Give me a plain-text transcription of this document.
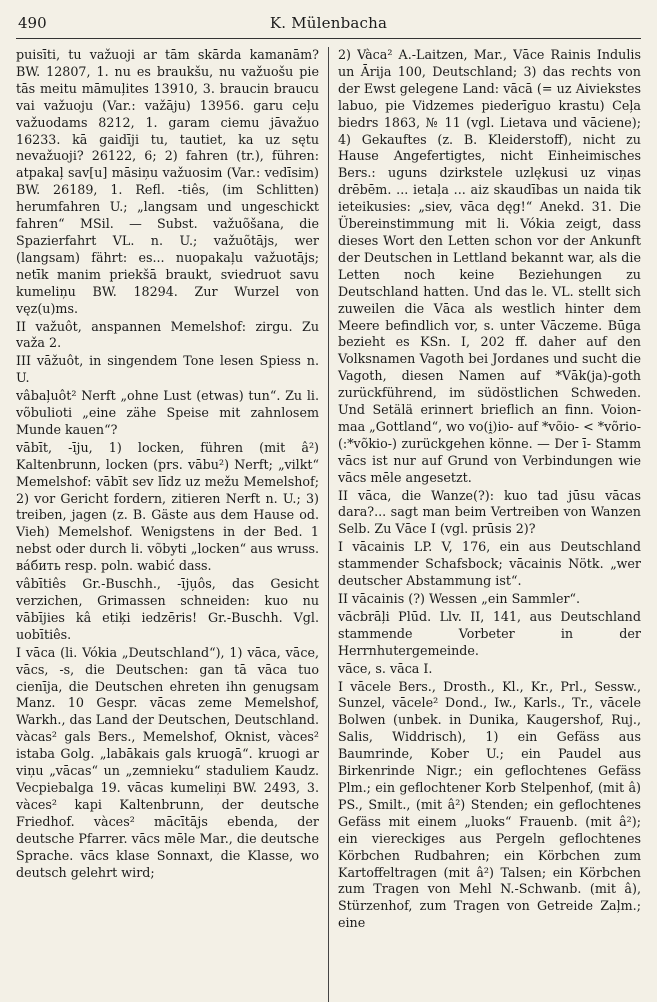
490	K. Mülenbacha

puisīti, tu važuoji ar tām skārda kamanām? BW. 12807, 1. nu es braukšu, nu važuošu pie tās meitu māmuļites 13910, 3. braucin braucu vai važuoju (Var.: važāju) 13956. garu ceļu važuodams 8212, 1. garam ciemu jāvažuo 16233. kā gaidīji tu, tautiet, ka uz sętu nevažuoji? 26122, 6; 2) fahren (tr.), führen: atpakaļ sav[u] māsiņu važuosim (Var.: vedīsim) BW. 26189, 1. Refl. -tiês, (im Schlitten) herumfahren U.; „langsam und ungeschickt fahren“ MSil. — Subst. važuõšana, die Spazierfahrt VL. n. U.; važuõtājs, wer (langsam) fährt: es... nuopakaļu važuotājs; netīk manim priekšā braukt, sviedruot savu kumeliņu BW. 18294. Zur Wurzel von vęz(u)ms.

II važuôt, anspannen Memelshof: zirgu. Zu važa 2.

III vāžuôt, in singendem Tone lesen Spiess n. U.

vâbaļuôt² Nerft „ohne Lust (etwas) tun“. Zu li. võbulioti „eine zähe Speise mit zahnlosem Munde kauen“?

vābīt, -īju, 1) locken, führen (mit â²) Kaltenbrunn, locken (prs. vābu²) Nerft; „vilkt“ Memelshof: vābīt sev līdz uz mežu Memelshof; 2) vor Gericht fordern, zitieren Nerft n. U.; 3) treiben, jagen (z. B. Gäste aus dem Hause od. Vieh) Memelshof. Wenigstens in der Bed. 1 nebst oder durch li. võbyti „locken“ aus wruss. вáбить resp. poln. wabić dass.

vâbītiês Gr.-Buschh., -īju̦ôs, das Gesicht verzichen, Grimassen schneiden: kuo nu vābījies kâ etiķi iedzēris! Gr.-Buschh. Vgl. uobītiês.

I vāca (li. Vókia „Deutschland“), 1) vāca, vāce, vācs, -s, die Deutschen: gan tā vāca tuo cienīja, die Deutschen ehreten ihn genugsam Manz. 10 Gespr. vācas zeme Memelshof, Warkh., das Land der Deutschen, Deutschland. vàcas² gals Bers., Memelshof, Oknist, vàces² istaba Golg. „labākais gals kruogā“. kruogi ar viņu „vācas“ un „zemnieku“ staduliem Kaudz. Vecpiebalga 19. vācas kumeliņi BW. 2493, 3. vàces² kapi Kaltenbrunn, der deutsche Friedhof. vàces² mācītājs ebenda, der deutsche Pfarrer. vācs mēle Mar., die deutsche Sprache. vācs klase Sonnaxt, die Klasse, wo deutsch gelehrt wird;

2) Vàca² A.-Laitzen, Mar., Vāce Rainis Indulis un Ārija 100, Deutschland; 3) das rechts von der Ewst gelegene Land: vācā (= uz Aiviekstes labuo, pie Vidzemes piederīguo krastu) Ceļa biedrs 1863, № 11 (vgl. Lietava und vāciene); 4) Gekauftes (z. B. Kleiderstoff), nicht zu Hause Angefertigtes, nicht Einheimisches Bers.: uguns dzirkstele uzlękusi uz viņas drēbēm. ... ietaļa ... aiz skaudības un naida tik ieteikusies: „siev, vāca dęg!“ Anekd. 31. Die Übereinstimmung mit li. Vókia zeigt, dass dieses Wort den Letten schon vor der Ankunft der Deutschen in Lettland bekannt war, als die Letten noch keine Beziehungen zu Deutschland hatten. Und das le. VL. stellt sich zuweilen die Vāca als westlich hinter dem Meere befindlich vor, s. unter Vāczeme. Būga bezieht es KSn. I, 202 ff. daher auf den Volksnamen Vagoth bei Jordanes und sucht die Vagoth, diesen Namen auf *Vāk(ja)-goth zurückführend, im südöstlichen Schweden. Und Setälä erinnert brieflich an finn. Voion-maa „Gottland“, wo vo(i̯)io- auf *võio- < *võrio- (:*võkio-) zurückgehen könne. — Der ī- Stamm vācs ist nur auf Grund von Verbindungen wie vācs mēle angesetzt.

II vāca, die Wanze(?): kuo tad jūsu vācas dara?... sagt man beim Vertreiben von Wanzen Selb. Zu Vāce I (vgl. prūsis 2)?

I vācainis LP. V, 176, ein aus Deutschland stammender Schafsbock; vācainis Nötk. „wer deutscher Abstammung ist“.

II vācainis (?) Wessen „ein Sammler“.

vācbrāļi Plūd. Llv. II, 141, aus Deutschland stammende Vorbeter in der Herrnhutergemeinde.

vāce, s. vāca I.

I vācele Bers., Drosth., Kl., Kr., Prl., Sessw., Sunzel, vācele² Dond., Iw., Karls., Tr., vācele Bolwen (unbek. in Dunika, Kaugershof, Ruj., Salis, Widdrisch), 1) ein Gefäss aus Baumrinde, Kober U.; ein Paudel aus Birkenrinde Nigr.; ein geflochtenes Gefäss Plm.; ein geflochtener Korb Stelpenhof, (mit â) PS., Smilt., (mit â²) Stenden; ein geflochtenes Gefäss mit einem „luoks“ Frauenb. (mit â²); ein viereckiges aus Pergeln geflochtenes Körbchen Rudbahren; ein Körbchen zum Kartoffeltragen (mit â²) Talsen; ein Körbchen zum Tragen von Mehl N.-Schwanb. (mit â), Stürzenhof, zum Tragen von Getreide Zaļm.; eine
